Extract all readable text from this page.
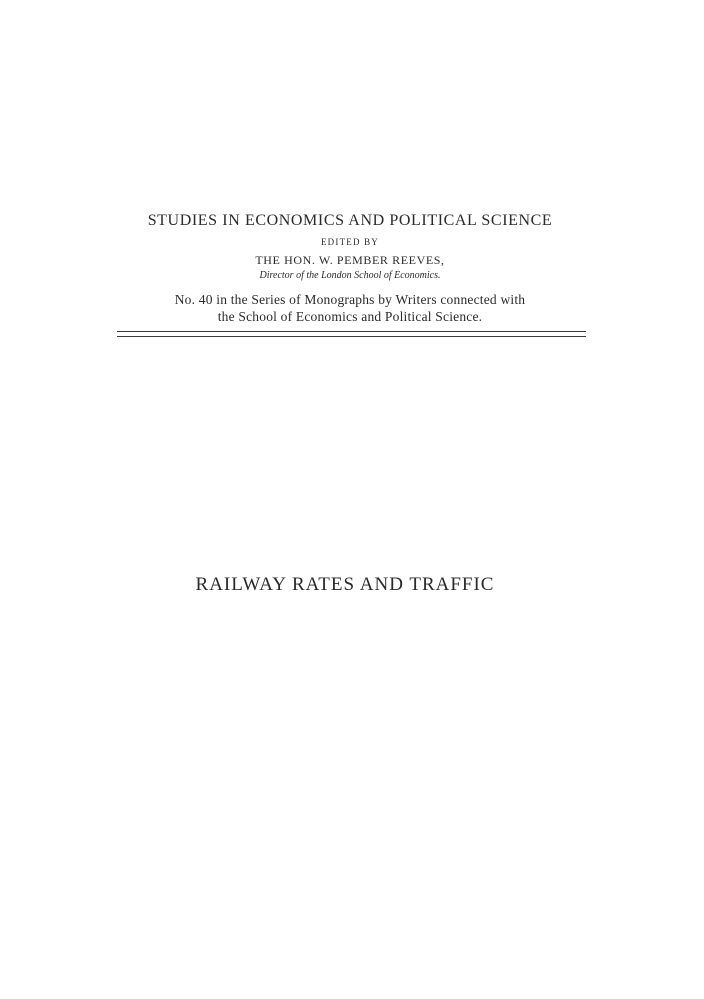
STUDIES IN ECONOMICS AND POLITICAL SCIENCE
EDITED BY
THE HON. W. PEMBER REEVES,
Director of the London School of Economics.
No. 40 in the Series of Monographs by Writers connected with
the School of Economics and Political Science.
RAILWAY RATES AND TRAFFIC
